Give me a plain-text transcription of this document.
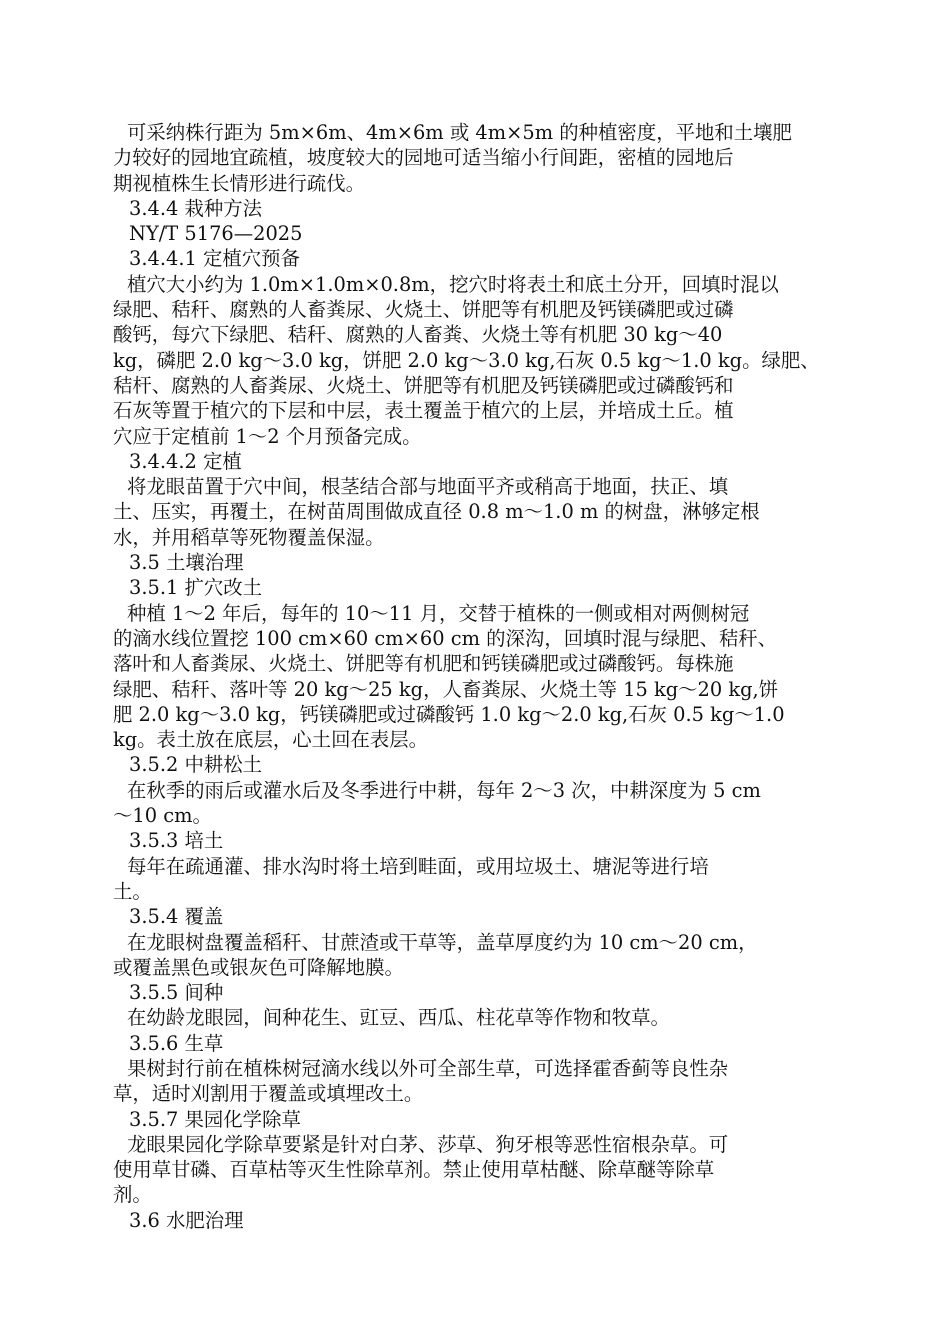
可采纳株行距为 5m×6m、4m×6m 或 4m×5m 的种植密度，平地和土壤肥

力较好的园地宜疏植，坡度较大的园地可适当缩小行间距，密植的园地后

期视植株生长情形进行疏伐。

3.4.4 栽种方法

NY/T 5176—2025

3.4.4.1 定植穴预备

植穴大小约为 1.0m×1.0m×0.8m，挖穴时将表土和底土分开，回填时混以

绿肥、秸秆、腐熟的人畜粪尿、火烧土、饼肥等有机肥及钙镁磷肥或过磷

酸钙，每穴下绿肥、秸秆、腐熟的人畜粪、火烧土等有机肥 30 kg～40

kg，磷肥 2.0 kg～3.0 kg，饼肥 2.0 kg～3.0 kg,石灰 0.5 kg～1.0 kg。绿肥、

秸杆、腐熟的人畜粪尿、火烧土、饼肥等有机肥及钙镁磷肥或过磷酸钙和

石灰等置于植穴的下层和中层，表土覆盖于植穴的上层，并培成土丘。植

穴应于定植前 1～2 个月预备完成。

3.4.4.2 定植

将龙眼苗置于穴中间，根茎结合部与地面平齐或稍高于地面，扶正、填

土、压实，再覆土，在树苗周围做成直径 0.8 m～1.0 m 的树盘，淋够定根

水，并用稻草等死物覆盖保湿。

3.5 土壤治理

3.5.1 扩穴改土

种植 1～2 年后，每年的 10～11 月，交替于植株的一侧或相对两侧树冠

的滴水线位置挖 100 cm×60 cm×60 cm 的深沟，回填时混与绿肥、秸秆、

落叶和人畜粪尿、火烧土、饼肥等有机肥和钙镁磷肥或过磷酸钙。每株施

绿肥、秸秆、落叶等 20 kg～25 kg，人畜粪尿、火烧土等 15 kg～20 kg,饼

肥 2.0 kg～3.0 kg，钙镁磷肥或过磷酸钙 1.0 kg～2.0 kg,石灰 0.5 kg～1.0

kg。表土放在底层，心土回在表层。

3.5.2 中耕松土

在秋季的雨后或灌水后及冬季进行中耕，每年 2～3 次，中耕深度为 5 cm

～10 cm。

3.5.3 培土

每年在疏通灌、排水沟时将土培到畦面，或用垃圾土、塘泥等进行培

土。

3.5.4 覆盖

在龙眼树盘覆盖稻秆、甘蔗渣或干草等，盖草厚度约为 10 cm～20 cm，

或覆盖黑色或银灰色可降解地膜。

3.5.5 间种

在幼龄龙眼园，间种花生、豇豆、西瓜、柱花草等作物和牧草。

3.5.6 生草

果树封行前在植株树冠滴水线以外可全部生草，可选择霍香蓟等良性杂

草，适时刈割用于覆盖或填埋改土。

3.5.7 果园化学除草

龙眼果园化学除草要紧是针对白茅、莎草、狗牙根等恶性宿根杂草。可

使用草甘磷、百草枯等灭生性除草剂。禁止使用草枯醚、除草醚等除草

剂。

3.6 水肥治理
